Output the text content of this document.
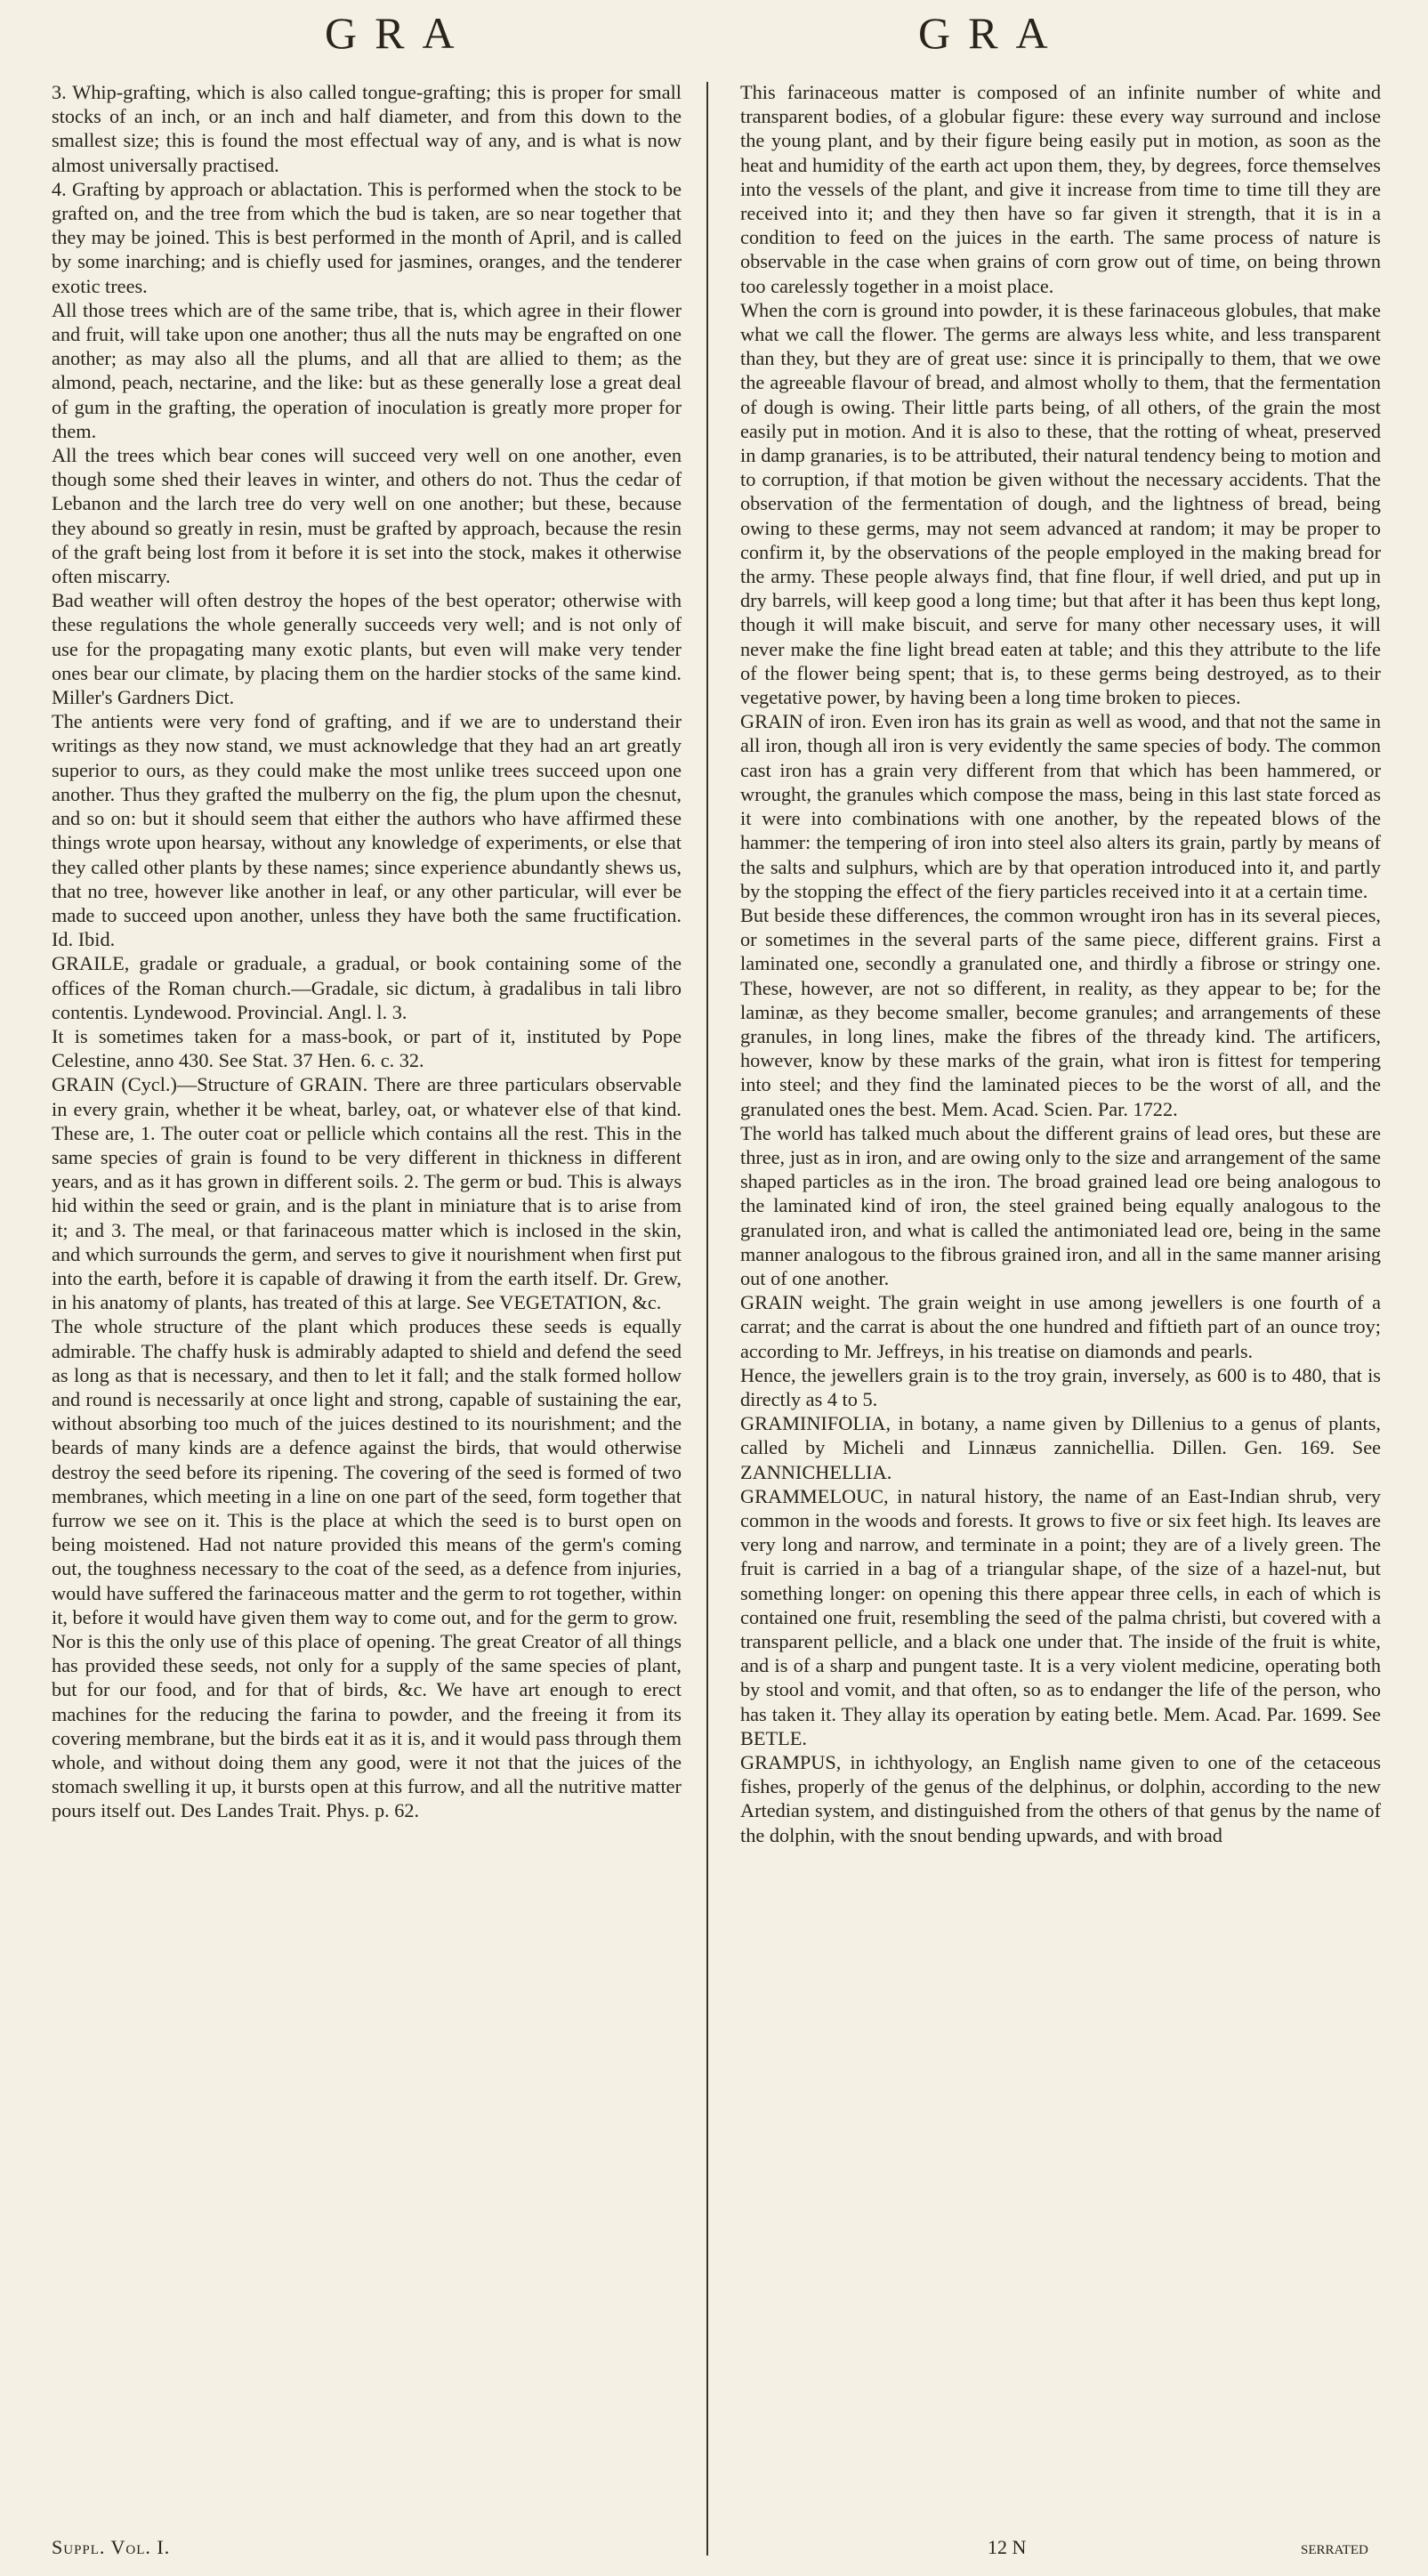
GRA	GRA

3. Whip-grafting, which is also called tongue-grafting; this is proper for small stocks of an inch, or an inch and half diameter, and from this down to the smallest size; this is found the most effectual way of any, and is what is now almost universally practised.

4. Grafting by approach or ablactation. This is performed when the stock to be grafted on, and the tree from which the bud is taken, are so near together that they may be joined. This is best performed in the month of April, and is called by some inarching; and is chiefly used for jasmines, oranges, and the tenderer exotic trees.

All those trees which are of the same tribe, that is, which agree in their flower and fruit, will take upon one another; thus all the nuts may be engrafted on one another; as may also all the plums, and all that are allied to them; as the almond, peach, nectarine, and the like: but as these generally lose a great deal of gum in the grafting, the operation of inoculation is greatly more proper for them.

All the trees which bear cones will succeed very well on one another, even though some shed their leaves in winter, and others do not. Thus the cedar of Lebanon and the larch tree do very well on one another; but these, because they abound so greatly in resin, must be grafted by approach, because the resin of the graft being lost from it before it is set into the stock, makes it otherwise often miscarry.

Bad weather will often destroy the hopes of the best operator; otherwise with these regulations the whole generally succeeds very well; and is not only of use for the propagating many exotic plants, but even will make very tender ones bear our climate, by placing them on the hardier stocks of the same kind. Miller's Gardners Dict.

The antients were very fond of grafting, and if we are to understand their writings as they now stand, we must acknowledge that they had an art greatly superior to ours, as they could make the most unlike trees succeed upon one another. Thus they grafted the mulberry on the fig, the plum upon the chesnut, and so on: but it should seem that either the authors who have affirmed these things wrote upon hearsay, without any knowledge of experiments, or else that they called other plants by these names; since experience abundantly shews us, that no tree, however like another in leaf, or any other particular, will ever be made to succeed upon another, unless they have both the same fructification. Id. Ibid.

GRAILE, gradale or graduale, a gradual, or book containing some of the offices of the Roman church.—Gradale, sic dictum, à gradalibus in tali libro contentis. Lyndewood. Provincial. Angl. l. 3.

It is sometimes taken for a mass-book, or part of it, instituted by Pope Celestine, anno 430. See Stat. 37 Hen. 6. c. 32.

GRAIN (Cycl.)—Structure of GRAIN. There are three particulars observable in every grain, whether it be wheat, barley, oat, or whatever else of that kind. These are, 1. The outer coat or pellicle which contains all the rest. This in the same species of grain is found to be very different in thickness in different years, and as it has grown in different soils. 2. The germ or bud. This is always hid within the seed or grain, and is the plant in miniature that is to arise from it; and 3. The meal, or that farinaceous matter which is inclosed in the skin, and which surrounds the germ, and serves to give it nourishment when first put into the earth, before it is capable of drawing it from the earth itself. Dr. Grew, in his anatomy of plants, has treated of this at large. See VEGETATION, &c.

The whole structure of the plant which produces these seeds is equally admirable. The chaffy husk is admirably adapted to shield and defend the seed as long as that is necessary, and then to let it fall; and the stalk formed hollow and round is necessarily at once light and strong, capable of sustaining the ear, without absorbing too much of the juices destined to its nourishment; and the beards of many kinds are a defence against the birds, that would otherwise destroy the seed before its ripening. The covering of the seed is formed of two membranes, which meeting in a line on one part of the seed, form together that furrow we see on it. This is the place at which the seed is to burst open on being moistened. Had not nature provided this means of the germ's coming out, the toughness necessary to the coat of the seed, as a defence from injuries, would have suffered the farinaceous matter and the germ to rot together, within it, before it would have given them way to come out, and for the germ to grow.

Nor is this the only use of this place of opening. The great Creator of all things has provided these seeds, not only for a supply of the same species of plant, but for our food, and for that of birds, &c. We have art enough to erect machines for the reducing the farina to powder, and the freeing it from its covering membrane, but the birds eat it as it is, and it would pass through them whole, and without doing them any good, were it not that the juices of the stomach swelling it up, it bursts open at this furrow, and all the nutritive matter pours itself out. Des Landes Trait. Phys. p. 62.

This farinaceous matter is composed of an infinite number of white and transparent bodies, of a globular figure: these every way surround and inclose the young plant, and by their figure being easily put in motion, as soon as the heat and humidity of the earth act upon them, they, by degrees, force themselves into the vessels of the plant, and give it increase from time to time till they are received into it; and they then have so far given it strength, that it is in a condition to feed on the juices in the earth. The same process of nature is observable in the case when grains of corn grow out of time, on being thrown too carelessly together in a moist place.

When the corn is ground into powder, it is these farinaceous globules, that make what we call the flower. The germs are always less white, and less transparent than they, but they are of great use: since it is principally to them, that we owe the agreeable flavour of bread, and almost wholly to them, that the fermentation of dough is owing. Their little parts being, of all others, of the grain the most easily put in motion. And it is also to these, that the rotting of wheat, preserved in damp granaries, is to be attributed, their natural tendency being to motion and to corruption, if that motion be given without the necessary accidents. That the observation of the fermentation of dough, and the lightness of bread, being owing to these germs, may not seem advanced at random; it may be proper to confirm it, by the observations of the people employed in the making bread for the army. These people always find, that fine flour, if well dried, and put up in dry barrels, will keep good a long time; but that after it has been thus kept long, though it will make biscuit, and serve for many other necessary uses, it will never make the fine light bread eaten at table; and this they attribute to the life of the flower being spent; that is, to these germs being destroyed, as to their vegetative power, by having been a long time broken to pieces.

GRAIN of iron. Even iron has its grain as well as wood, and that not the same in all iron, though all iron is very evidently the same species of body. The common cast iron has a grain very different from that which has been hammered, or wrought, the granules which compose the mass, being in this last state forced as it were into combinations with one another, by the repeated blows of the hammer: the tempering of iron into steel also alters its grain, partly by means of the salts and sulphurs, which are by that operation introduced into it, and partly by the stopping the effect of the fiery particles received into it at a certain time.

But beside these differences, the common wrought iron has in its several pieces, or sometimes in the several parts of the same piece, different grains. First a laminated one, secondly a granulated one, and thirdly a fibrose or stringy one. These, however, are not so different, in reality, as they appear to be; for the laminæ, as they become smaller, become granules; and arrangements of these granules, in long lines, make the fibres of the thready kind. The artificers, however, know by these marks of the grain, what iron is fittest for tempering into steel; and they find the laminated pieces to be the worst of all, and the granulated ones the best. Mem. Acad. Scien. Par. 1722.

The world has talked much about the different grains of lead ores, but these are three, just as in iron, and are owing only to the size and arrangement of the same shaped particles as in the iron. The broad grained lead ore being analogous to the laminated kind of iron, the steel grained being equally analogous to the granulated iron, and what is called the antimoniated lead ore, being in the same manner analogous to the fibrous grained iron, and all in the same manner arising out of one another.

GRAIN weight. The grain weight in use among jewellers is one fourth of a carrat; and the carrat is about the one hundred and fiftieth part of an ounce troy; according to Mr. Jeffreys, in his treatise on diamonds and pearls.

Hence, the jewellers grain is to the troy grain, inversely, as 600 is to 480, that is directly as 4 to 5.

GRAMINIFOLIA, in botany, a name given by Dillenius to a genus of plants, called by Micheli and Linnæus zannichellia. Dillen. Gen. 169. See ZANNICHELLIA.

GRAMMELOUC, in natural history, the name of an East-Indian shrub, very common in the woods and forests. It grows to five or six feet high. Its leaves are very long and narrow, and terminate in a point; they are of a lively green. The fruit is carried in a bag of a triangular shape, of the size of a hazel-nut, but something longer: on opening this there appear three cells, in each of which is contained one fruit, resembling the seed of the palma christi, but covered with a transparent pellicle, and a black one under that. The inside of the fruit is white, and is of a sharp and pungent taste. It is a very violent medicine, operating both by stool and vomit, and that often, so as to endanger the life of the person, who has taken it. They allay its operation by eating betle. Mem. Acad. Par. 1699. See BETLE.

GRAMPUS, in ichthyology, an English name given to one of the cetaceous fishes, properly of the genus of the delphinus, or dolphin, according to the new Artedian system, and distinguished from the others of that genus by the name of the dolphin, with the snout bending upwards, and with broad

Suppl. Vol. I.	12 N	serrated
